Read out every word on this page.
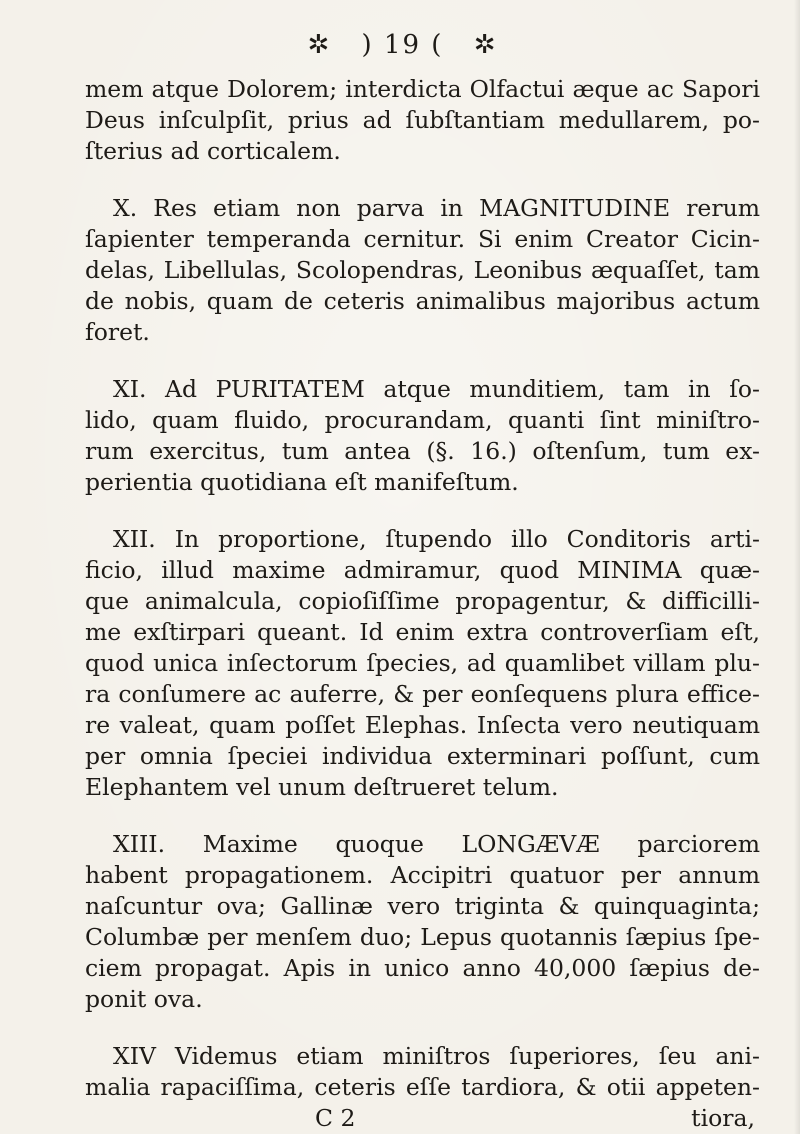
✲ ) 19 ( ✲
mem atque Dolorem; interdicta Olfactui æque ac Sapori
Deus inſculpſit, prius ad ſubſtantiam medullarem, po-
ſterius ad corticalem.
X. Res etiam non parva in MAGNITUDINE rerum
ſapienter temperanda cernitur. Si enim Creator Cicin-
delas, Libellulas, Scolopendras, Leonibus æquaſſet, tam
de nobis, quam de ceteris animalibus majoribus actum
foret.
XI. Ad PURITATEM atque munditiem, tam in ſo-
lido, quam fluido, procurandam, quanti ſint miniſtro-
rum exercitus, tum antea (§. 16.) oſtenſum, tum ex-
perientia quotidiana eſt manifeſtum.
XII. In proportione, ſtupendo illo Conditoris arti-
ficio, illud maxime admiramur, quod MINIMA quæ-
que animalcula, copioſiſſime propagentur, & difficilli-
me exſtirpari queant. Id enim extra controverſiam eſt,
quod unica inſectorum ſpecies, ad quamlibet villam plu-
ra conſumere ac auferre, & per eonſequens plura effice-
re valeat, quam poſſet Elephas. Inſecta vero neutiquam
per omnia ſpeciei individua exterminari poſſunt, cum
Elephantem vel unum deſtrueret telum.
XIII. Maxime quoque LONGÆVÆ parciorem
habent propagationem. Accipitri quatuor per annum
naſcuntur ova; Gallinæ vero triginta & quinquaginta;
Columbæ per menſem duo; Lepus quotannis ſæpius ſpe-
ciem propagat. Apis in unico anno 40,000 ſæpius de-
ponit ova.
XIV Videmus etiam miniſtros ſuperiores, ſeu ani-
malia rapaciſſima, ceteris eſſe tardiora, & otii appeten-
C 2	tiora,
